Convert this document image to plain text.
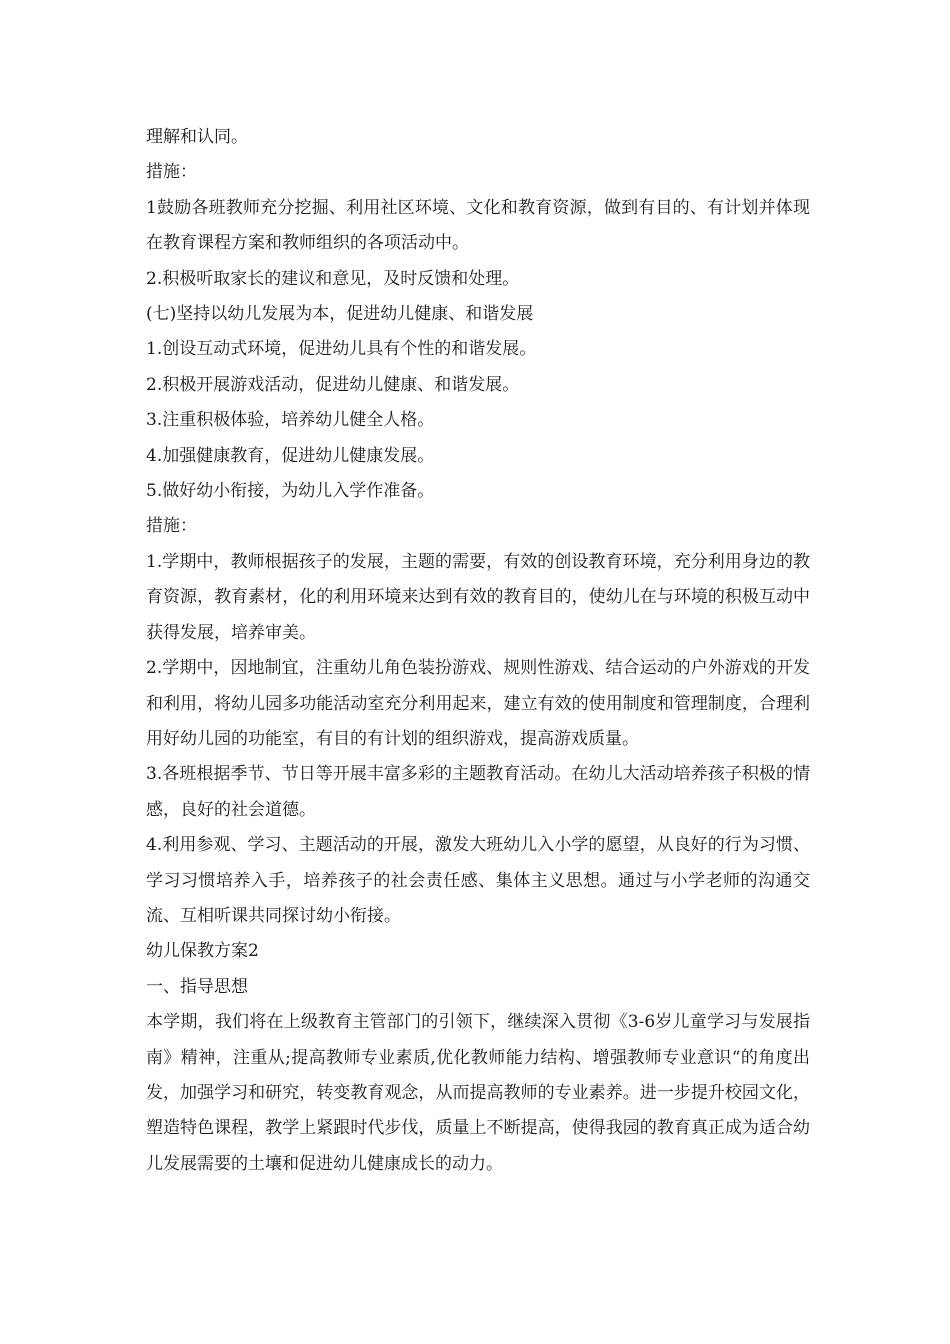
理解和认同。

措施：

1鼓励各班教师充分挖掘、利用社区环境、文化和教育资源，做到有目的、有计划并体现在教育课程方案和教师组织的各项活动中。

2.积极听取家长的建议和意见，及时反馈和处理。

(七)坚持以幼儿发展为本，促进幼儿健康、和谐发展

1.创设互动式环境，促进幼儿具有个性的和谐发展。

2.积极开展游戏活动，促进幼儿健康、和谐发展。

3.注重积极体验，培养幼儿健全人格。

4.加强健康教育，促进幼儿健康发展。

5.做好幼小衔接，为幼儿入学作准备。

措施：

1.学期中，教师根据孩子的发展，主题的需要，有效的创设教育环境，充分利用身边的教育资源，教育素材，化的利用环境来达到有效的教育目的，使幼儿在与环境的积极互动中获得发展，培养审美。

2.学期中，因地制宜，注重幼儿角色装扮游戏、规则性游戏、结合运动的户外游戏的开发和利用，将幼儿园多功能活动室充分利用起来，建立有效的使用制度和管理制度，合理利用好幼儿园的功能室，有目的有计划的组织游戏，提高游戏质量。

3.各班根据季节、节日等开展丰富多彩的主题教育活动。在幼儿大活动培养孩子积极的情感，良好的社会道德。

4.利用参观、学习、主题活动的开展，激发大班幼儿入小学的愿望，从良好的行为习惯、学习习惯培养入手，培养孩子的社会责任感、集体主义思想。通过与小学老师的沟通交流、互相听课共同探讨幼小衔接。

幼儿保教方案2

一、指导思想

本学期，我们将在上级教育主管部门的引领下，继续深入贯彻《3-6岁儿童学习与发展指南》精神，注重从;提高教师专业素质,优化教师能力结构、增强教师专业意识“的角度出发，加强学习和研究，转变教育观念，从而提高教师的专业素养。进一步提升校园文化，塑造特色课程，教学上紧跟时代步伐，质量上不断提高，使得我园的教育真正成为适合幼儿发展需要的土壤和促进幼儿健康成长的动力。
